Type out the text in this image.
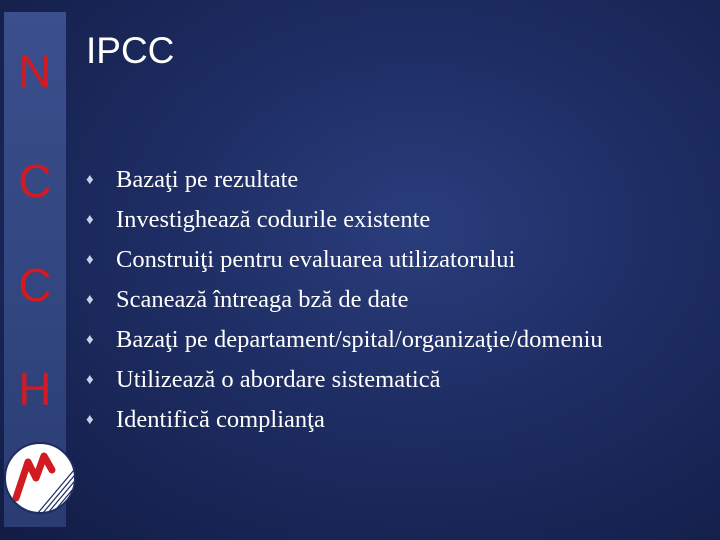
N
C
C
H
IPCC
♦ Bazaţi pe rezultate
♦ Investighează codurile existente
♦ Construiţi pentru evaluarea utilizatorului
♦ Scanează întreaga bză de date
♦ Bazaţi pe departament/spital/organizaţie/domeniu
♦ Utilizează o abordare sistematică
♦ Identifică complianţa
